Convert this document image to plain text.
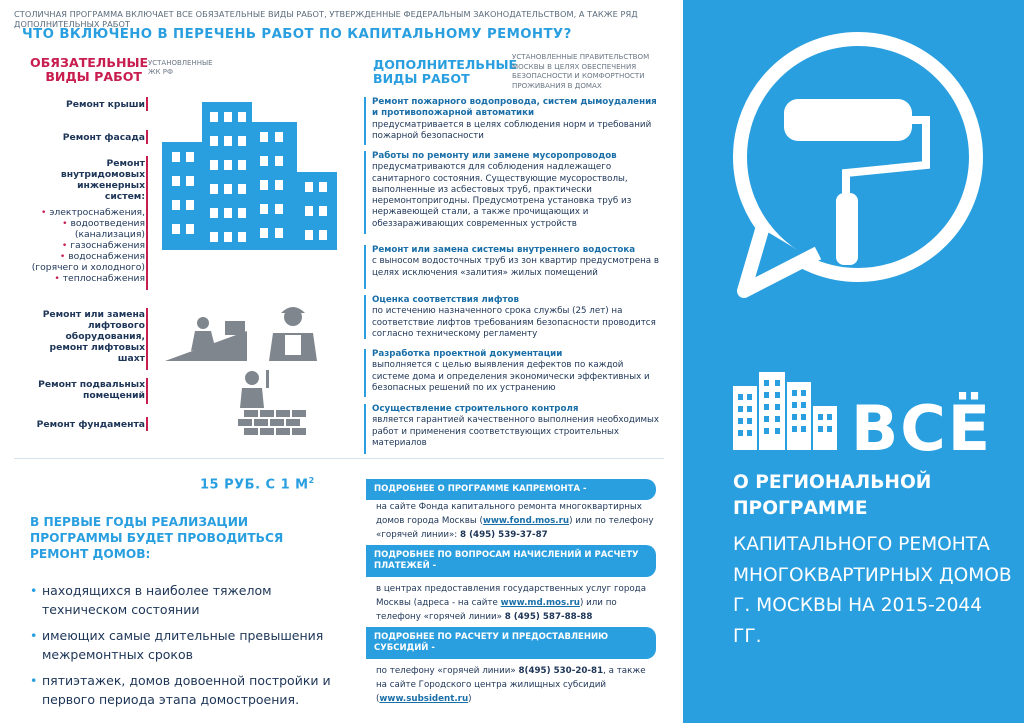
СТОЛИЧНАЯ ПРОГРАММА ВКЛЮЧАЕТ ВСЕ ОБЯЗАТЕЛЬНЫЕ ВИДЫ РАБОТ, УТВЕРЖДЕННЫЕ ФЕДЕРАЛЬНЫМ ЗАКОНОДАТЕЛЬСТВОМ, А ТАКЖЕ РЯД ДОПОЛНИТЕЛЬНЫХ РАБОТ
ЧТО ВКЛЮЧЕНО В ПЕРЕЧЕНЬ РАБОТ ПО КАПИТАЛЬНОМУ РЕМОНТУ?
ОБЯЗАТЕЛЬНЫЕ
ВИДЫ РАБОТ
УСТАНОВЛЕННЫЕ
ЖК РФ
Ремонт крыши
Ремонт фасада
Ремонт внутридомовых инженерных систем:
• электроснабжения,
• водоотведения (канализация)
• газоснабжения
• водоснабжения (горячего и холодного)
• теплоснабжения
Ремонт или замена лифтового оборудования, ремонт лифтовых шахт
Ремонт подвальных помещений
Ремонт фундамента
ДОПОЛНИТЕЛЬНЫЕ
ВИДЫ РАБОТ
УСТАНОВЛЕННЫЕ ПРАВИТЕЛЬСТВОМ МОСКВЫ В ЦЕЛЯХ ОБЕСПЕЧЕНИЯ БЕЗОПАСНОСТИ И КОМФОРТНОСТИ ПРОЖИВАНИЯ В ДОМАХ
Ремонт пожарного водопровода, систем дымоудаления и противопожарной автоматики
предусматривается в целях соблюдения норм и требований пожарной безопасности
Работы по ремонту или замене мусоропроводов
предусматриваются для соблюдения надлежащего санитарного состояния. Существующие мусоростволы, выполненные из асбестовых труб, практически неремонтопригодны. Предусмотрена установка труб из нержавеющей стали, а также прочищающих и обеззараживающих современных устройств
Ремонт или замена системы внутреннего водостока
с выносом водосточных труб из зон квартир предусмотрена в целях исключения «залития» жилых помещений
Оценка соответствия лифтов
по истечению назначенного срока службы (25 лет) на соответствие лифтов требованиям безопасности проводится согласно техническому регламенту
Разработка проектной документации
выполняется с целью выявления дефектов по каждой системе дома и определения экономически эффективных и безопасных решений по их устранению
Осуществление строительного контроля
является гарантией качественного выполнения необходимых работ и применения соответствующих строительных материалов
15 РУБ. С 1 $М^2$
В ПЕРВЫЕ ГОДЫ РЕАЛИЗАЦИИ ПРОГРАММЫ БУДЕТ ПРОВОДИТЬСЯ РЕМОНТ ДОМОВ:
• находящихся в наиболее тяжелом техническом состоянии
• имеющих самые длительные превышения межремонтных сроков
• пятиэтажек, домов довоенной постройки и первого периода этапа домостроения.
ПОДРОБНЕЕ О ПРОГРАММЕ КАПРЕМОНТА -
на сайте Фонда капитального ремонта многоквартирных домов города Москвы (www.fond.mos.ru) или по телефону «горячей линии»: 8 (495) 539-37-87
ПОДРОБНЕЕ ПО ВОПРОСАМ НАЧИСЛЕНИЙ И РАСЧЕТУ ПЛАТЕЖЕЙ -
в центрах предоставления государственных услуг города Москвы (адреса - на сайте www.md.mos.ru) или по телефону «горячей линии» 8 (495) 587-88-88
ПОДРОБНЕЕ ПО РАСЧЕТУ И ПРЕДОСТАВЛЕНИЮ СУБСИДИЙ -
по телефону «горячей линии» 8(495) 530-20-81, а также на сайте Городского центра жилищных субсидий (www.subsident.ru)
ВСЁ
О РЕГИОНАЛЬНОЙ ПРОГРАММЕ
КАПИТАЛЬНОГО РЕМОНТА МНОГОКВАРТИРНЫХ ДОМОВ Г. МОСКВЫ НА 2015-2044 ГГ.
